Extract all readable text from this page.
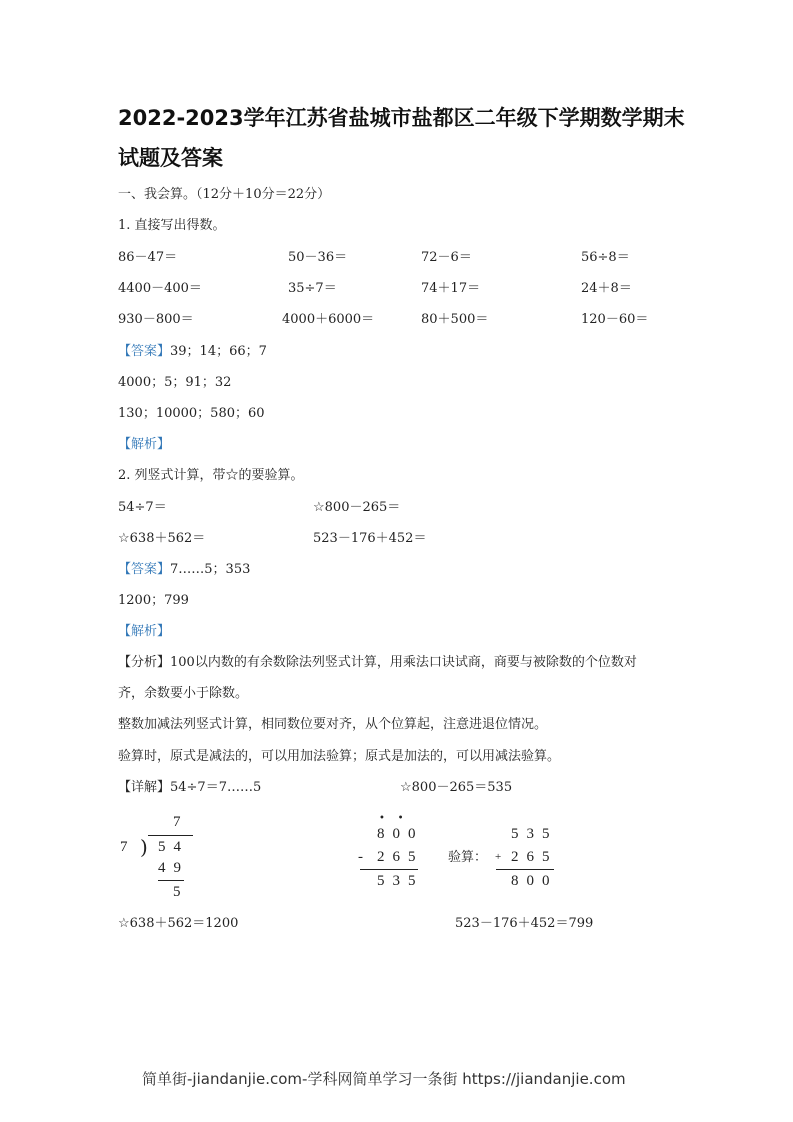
2022-2023学年江苏省盐城市盐都区二年级下学期数学期末
试题及答案
一、我会算。（12分＋10分＝22分）
1. 直接写出得数。
86－47＝	50－36＝	72－6＝	56÷8＝
4400－400＝	35÷7＝	74＋17＝	24＋8＝
930－800＝	4000＋6000＝	80＋500＝	120－60＝
【答案】39；14；66；7
4000；5；91；32
130；10000；580；60
【解析】
2. 列竖式计算，带☆的要验算。
54÷7＝	☆800－265＝
☆638＋562＝	523－176＋452＝
【答案】7……5；353
1200；799
【解析】
【分析】100以内数的有余数除法列竖式计算，用乘法口诀试商，商要与被除数的个位数对
齐，余数要小于除数。
整数加减法列竖式计算，相同数位要对齐，从个位算起，注意进退位情况。
验算时，原式是减法的，可以用加法验算；原式是加法的，可以用减法验算。
【详解】54÷7＝7……5	☆800－265＝535
7
7 ) 54
49
5
•    •
800
- 265
535
验算：
535
+ 265
800
☆638＋562＝1200	523－176＋452＝799
简单街-jiandanjie.com-学科网简单学习一条街 https://jiandanjie.com
